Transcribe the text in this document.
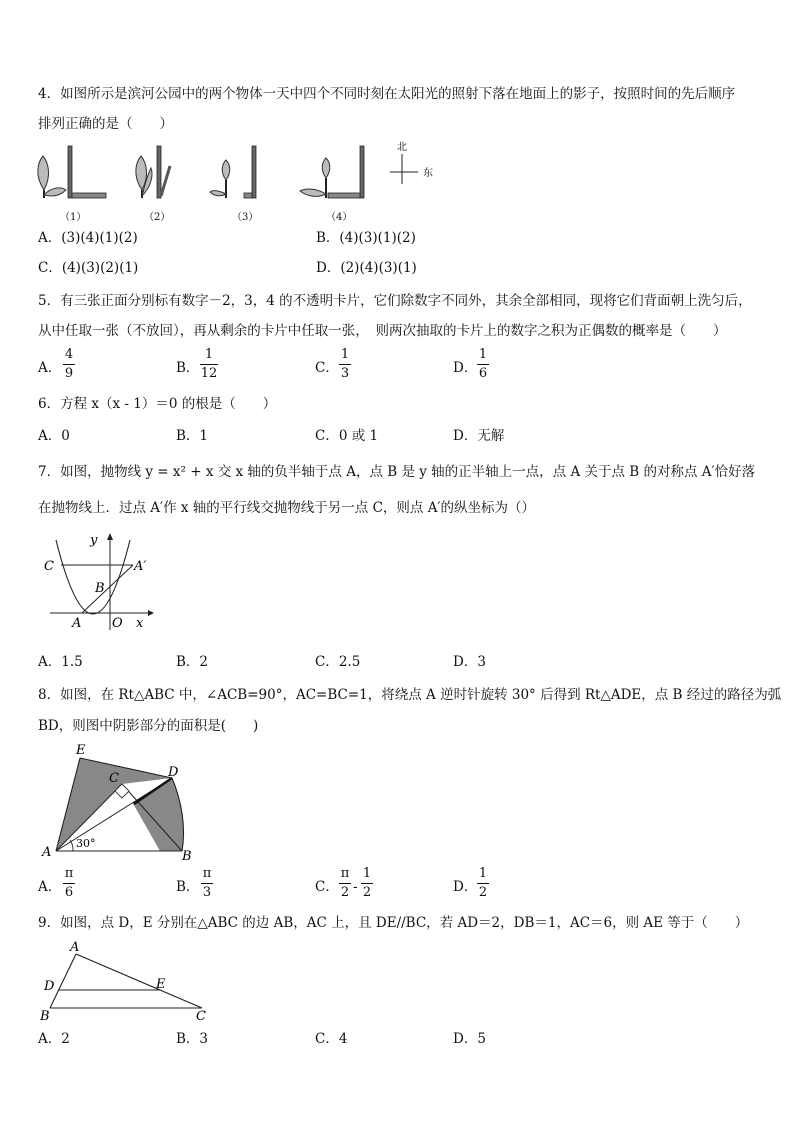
4．如图所示是滨河公园中的两个物体一天中四个不同时刻在太阳光的照射下落在地面上的影子，按照时间的先后顺序
排列正确的是（　　）
北
东
（1）	（2）	（3）	（4）
A．(3)(4)(1)(2)	B．(4)(3)(1)(2)
C．(4)(3)(2)(1)	D．(2)(4)(3)(1)
5．有三张正面分别标有数字－2，3，4 的不透明卡片，它们除数字不同外，其余全部相同，现将它们背面朝上洗匀后，
从中任取一张（不放回），再从剩余的卡片中任取一张，　则两次抽取的卡片上的数字之积为正偶数的概率是（　　）
A．
4
9	B．
1
12	C．
1
3	D．
1
6
6．方程 x（x - 1）＝0 的根是（　　）
A．0	B．1	C．0 或 1	D．无解
7．如图，抛物线 y = x² + x 交 x 轴的负半轴于点 A，点 B 是 y 轴的正半轴上一点，点 A 关于点 B 的对称点 A′恰好落
在抛物线上．过点 A′作 x 轴的平行线交抛物线于另一点 C，则点 A′的纵坐标为（）
C	A′
B
A O x
y
A．1.5	B．2	C．2.5	D．3
8．如图，在 Rt△ABC 中，∠ACB=90°，AC=BC=1，将绕点 A 逆时针旋转 30° 后得到 Rt△ADE，点 B 经过的路径为弧
BD，则图中阴影部分的面积是(　　)
30°
E
C	D
A	B
A．
π
6	B．
π
3	C．
π
2 -
1
2	D．
1
2
9．如图，点 D，E 分别在△ABC 的边 AB，AC 上，且 DE//BC，若 AD＝2，DB＝1，AC＝6，则 AE 等于（　　）
A
D	E
B	C
A．2	B．3	C．4	D．5
